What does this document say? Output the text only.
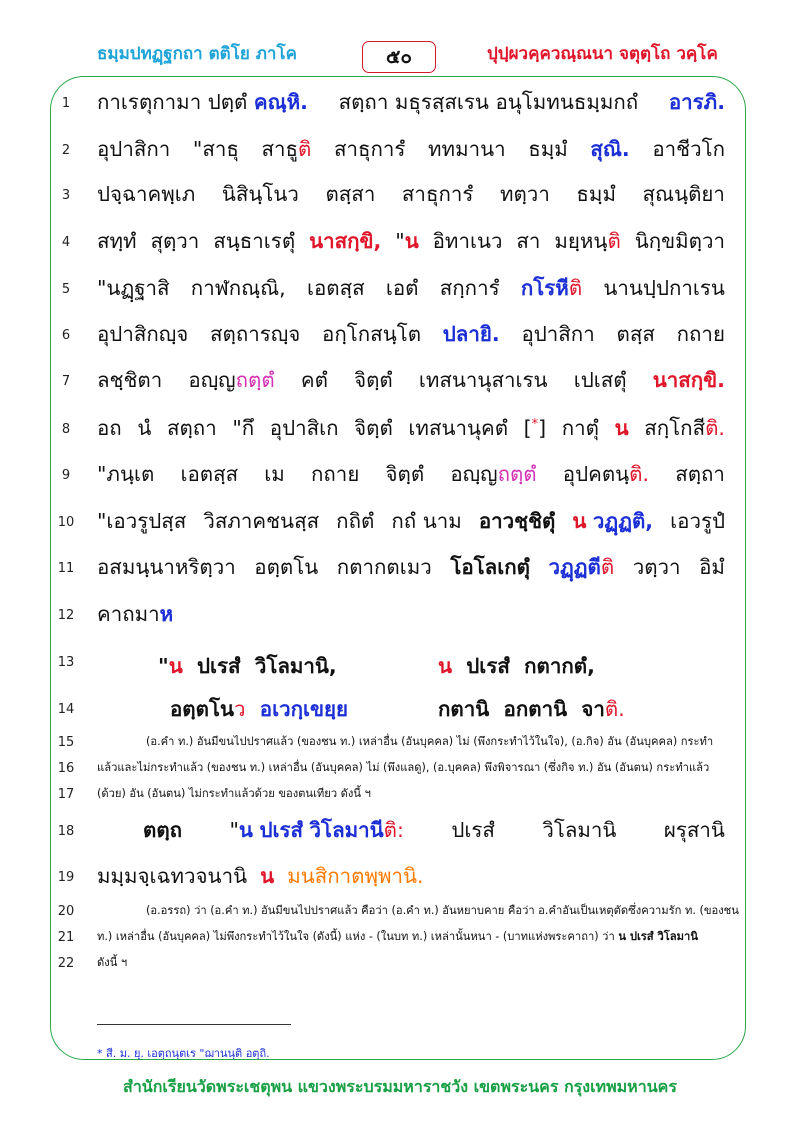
ธมฺมปทฏฺฐกถา ตติโย ภาโค	๕๐	ปุปฺผวคฺควณฺณนา จตุตฺโถ วคฺโค
1
2
3
4
5
6
7
8
9
10
11
12
13
14
15
16
17
18
19
20
21
22
กาเรตุกามา ปตฺตํ คณฺหิ. สตฺถา มธุรสฺสเรน อนุโมทนธมฺมกถํ อารภิ.
อุปาสิกา "สาธุ สาธูติ สาธุการํ ททมานา ธมฺมํ สุณิ. อาชีวโก
ปจฺฉาคพฺเภ นิสินฺโนว ตสฺสา สาธุการํ ทตฺวา ธมฺมํ สุณนฺติยา
สทฺทํ สุตฺวา สนฺธาเรตุํ นาสกฺขิ, "น อิทาเนว สา มยฺหนฺติ นิกฺขมิตฺวา
"นฏฺฐาสิ กาฬกณฺณิ, เอตสฺส เอตํ สกฺการํ กโรหีติ นานปฺปกาเรน
อุปาสิกญฺจ สตฺถารญฺจ อกฺโกสนฺโต ปลายิ. อุปาสิกา ตสฺส กถาย
ลชฺชิตา อญฺญถตฺตํ คตํ จิตฺตํ เทสนานุสาเรน เปเสตุํ นาสกฺขิ.
อถ นํ สตฺถา "กึ อุปาสิเก จิตฺตํ เทสนานุคตํ [*] กาตุํ น สกฺโกสีติ.
"ภนฺเต เอตสฺส เม กถาย จิตฺตํ อญฺญถตฺตํ อุปคตนฺติ. สตฺถา
"เอวรูปสฺส วิสภาคชนสฺส กถิตํ กถํ นาม อาวชฺชิตุํ น วฏฺฏติ, เอวรูปํ
อสมนฺนาหริตฺวา อตฺตโน กตากตเมว โอโลเกตุํ วฏฺฏตีติ วตฺวา อิมํ
คาถมาห
"น ปเรสํ วิโลมานิ,	น ปเรสํ กตากตํ,
อตฺตโนว อเวกฺเขยฺย	กตานิ อกตานิ จาติ.
(อ.คำ ท.) อันมีขนไปปราศแล้ว (ของชน ท.) เหล่าอื่น (อันบุคคล) ไม่ (พึงกระทำไว้ในใจ), (อ.กิจ) อัน (อันบุคคล) กระทำ
แล้วและไม่กระทำแล้ว (ของชน ท.) เหล่าอื่น (อันบุคคล) ไม่ (พึงแลดู), (อ.บุคคล) พึงพิจารณา (ซึ่งกิจ ท.) อัน (อันตน) กระทำแล้ว
(ด้วย) อัน (อันตน) ไม่กระทำแล้วด้วย ของตนเทียว ดังนี้ ฯ
ตตฺถ "น ปเรสํ วิโลมานีติ: ปเรสํ วิโลมานิ ผรุสานิ
มมฺมจฺเฉทวจนานิ น มนสิกาตพฺพานิ.
(อ.อรรถ) ว่า (อ.คำ ท.) อันมีขนไปปราศแล้ว คือว่า (อ.คำ ท.) อันหยาบคาย คือว่า อ.คำอันเป็นเหตุตัดซึ่งความรัก ท. (ของชน
ท.) เหล่าอื่น (อันบุคคล) ไม่พึงกระทำไว้ในใจ (ดังนี้) แห่ง - (ในบท ท.) เหล่านั้นหนา - (บาทแห่งพระคาถา) ว่า น ปเรสํ วิโลมานิ
ดังนี้ ฯ
* สี. ม. ยุ. เอตฺถนฺตเร "ฌานนฺติ อตฺถิ.
สำนักเรียนวัดพระเชตุพน แขวงพระบรมมหาราชวัง เขตพระนคร กรุงเทพมหานคร
